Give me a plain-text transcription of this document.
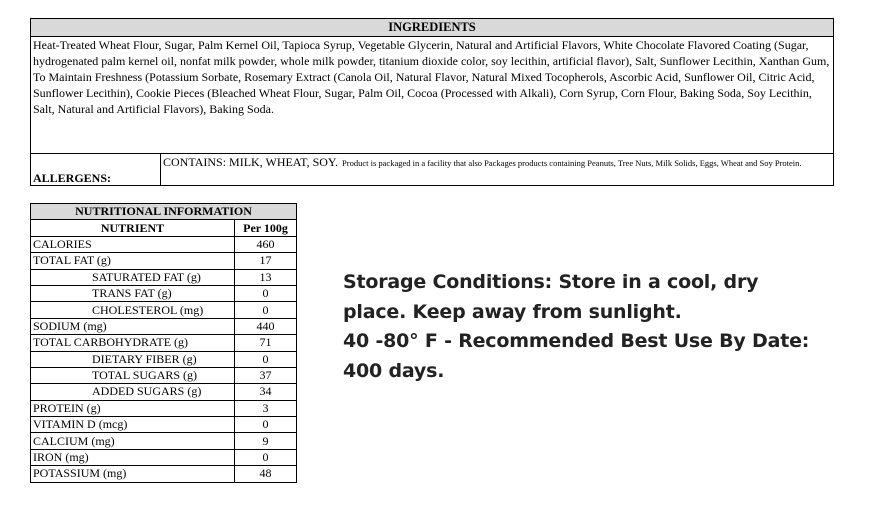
INGREDIENTS
Heat-Treated Wheat Flour, Sugar, Palm Kernel Oil, Tapioca Syrup, Vegetable Glycerin, Natural and Artificial Flavors, White Chocolate Flavored Coating (Sugar, hydrogenated palm kernel oil, nonfat milk powder, whole milk powder, titanium dioxide color, soy lecithin, artificial flavor), Salt, Sunflower Lecithin, Xanthan Gum, To Maintain Freshness (Potassium Sorbate, Rosemary Extract (Canola Oil, Natural Flavor, Natural Mixed Tocopherols, Ascorbic Acid, Sunflower Oil, Citric Acid, Sunflower Lecithin), Cookie Pieces (Bleached Wheat Flour, Sugar, Palm Oil, Cocoa (Processed with Alkali), Corn Syrup, Corn Flour, Baking Soda, Soy Lecithin, Salt, Natural and Artificial Flavors), Baking Soda.
ALLERGENS:
CONTAINS: MILK, WHEAT, SOY. Product is packaged in a facility that also Packages products containing Peanuts, Tree Nuts, Milk Solids, Eggs, Wheat and Soy Protein.
NUTRITIONAL INFORMATION	
NUTRIENT	Per 100g
CALORIES	460
TOTAL FAT (g)	17
SATURATED FAT (g)	13
TRANS FAT (g)	0
CHOLESTEROL (mg)	0
SODIUM (mg)	440
TOTAL CARBOHYDRATE (g)	71
DIETARY FIBER (g)	0
TOTAL SUGARS (g)	37
ADDED SUGARS (g)	34
PROTEIN (g)	3
VITAMIN D (mcg)	0
CALCIUM (mg)	9
IRON (mg)	0
POTASSIUM (mg)	48
Storage Conditions: Store in a cool, dry
place. Keep away from sunlight.
40 -80° F - Recommended Best Use By Date:
400 days.
